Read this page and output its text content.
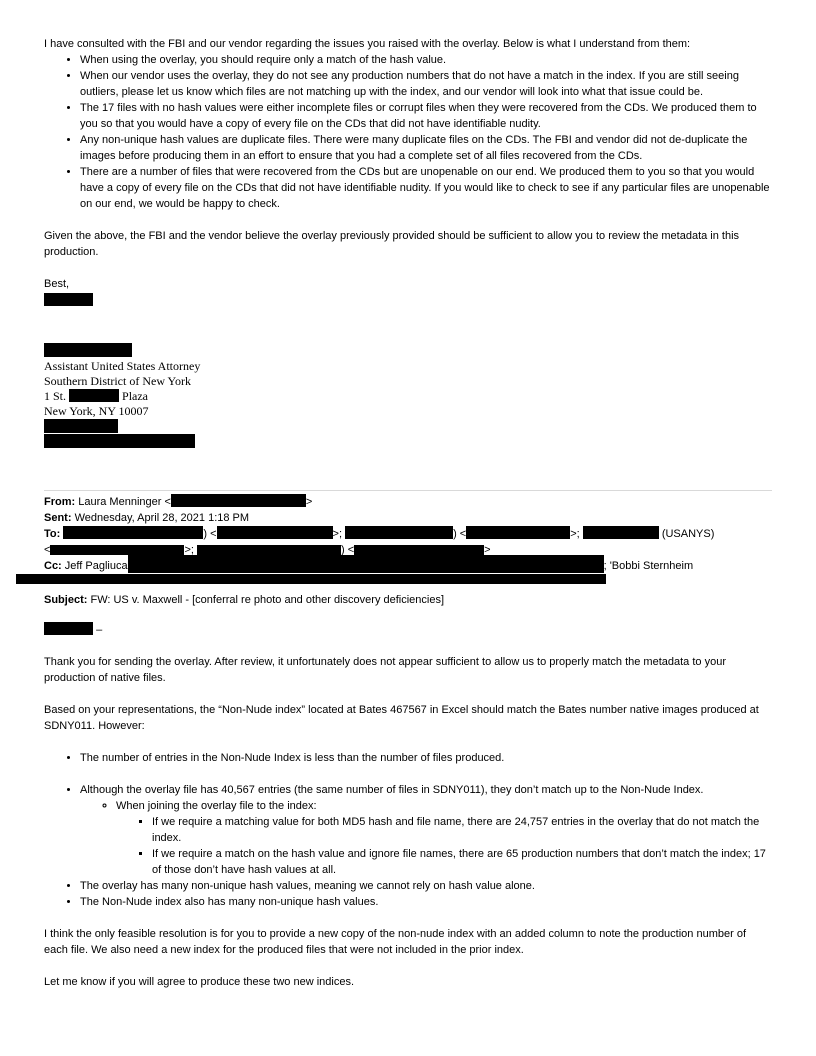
I have consulted with the FBI and our vendor regarding the issues you raised with the overlay. Below is what I understand from them:

• When using the overlay, you should require only a match of the hash value.
• When our vendor uses the overlay, they do not see any production numbers that do not have a match in the index. If you are still seeing outliers, please let us know which files are not matching up with the index, and our vendor will look into what that issue could be.
• The 17 files with no hash values were either incomplete files or corrupt files when they were recovered from the CDs. We produced them to you so that you would have a copy of every file on the CDs that did not have identifiable nudity.
• Any non-unique hash values are duplicate files. There were many duplicate files on the CDs. The FBI and vendor did not de-duplicate the images before producing them in an effort to ensure that you had a complete set of all files recovered from the CDs.
• There are a number of files that were recovered from the CDs but are unopenable on our end. We produced them to you so that you would have a copy of every file on the CDs that did not have identifiable nudity. If you would like to check to see if any particular files are unopenable on our end, we would be happy to check.

Given the above, the FBI and the vendor believe the overlay previously provided should be sufficient to allow you to review the metadata in this production.

Best,

Assistant United States Attorney
Southern District of New York
1 St.	Plaza
New York, NY 10007
From: Laura Menninger <	>
Sent: Wednesday, April 28, 2021 1:18 PM
To:	) <	>;	) <	>;	(USANYS)
<	>;	) <	>
Cc: Jeff Pagliuca	; 'Bobbi Sternheim
Subject: FW: US v. Maxwell - [conferral re photo and other discovery deficiencies]
–

Thank you for sending the overlay. After review, it unfortunately does not appear sufficient to allow us to properly match the metadata to your production of native files.

Based on your representations, the “Non-Nude index” located at Bates 467567 in Excel should match the Bates number native images produced at SDNY011. However:

• The number of entries in the Non-Nude Index is less than the number of files produced.
• Although the overlay file has 40,567 entries (the same number of files in SDNY011), they don’t match up to the Non-Nude Index.
◦ When joining the overlay file to the index:
▪ If we require a matching value for both MD5 hash and file name, there are 24,757 entries in the overlay that do not match the index.
▪ If we require a match on the hash value and ignore file names, there are 65 production numbers that don’t match the index; 17 of those don’t have hash values at all.
• The overlay has many non-unique hash values, meaning we cannot rely on hash value alone.
• The Non-Nude index also has many non-unique hash values.

I think the only feasible resolution is for you to provide a new copy of the non-nude index with an added column to note the production number of each file. We also need a new index for the produced files that were not included in the prior index.

Let me know if you will agree to produce these two new indices.
